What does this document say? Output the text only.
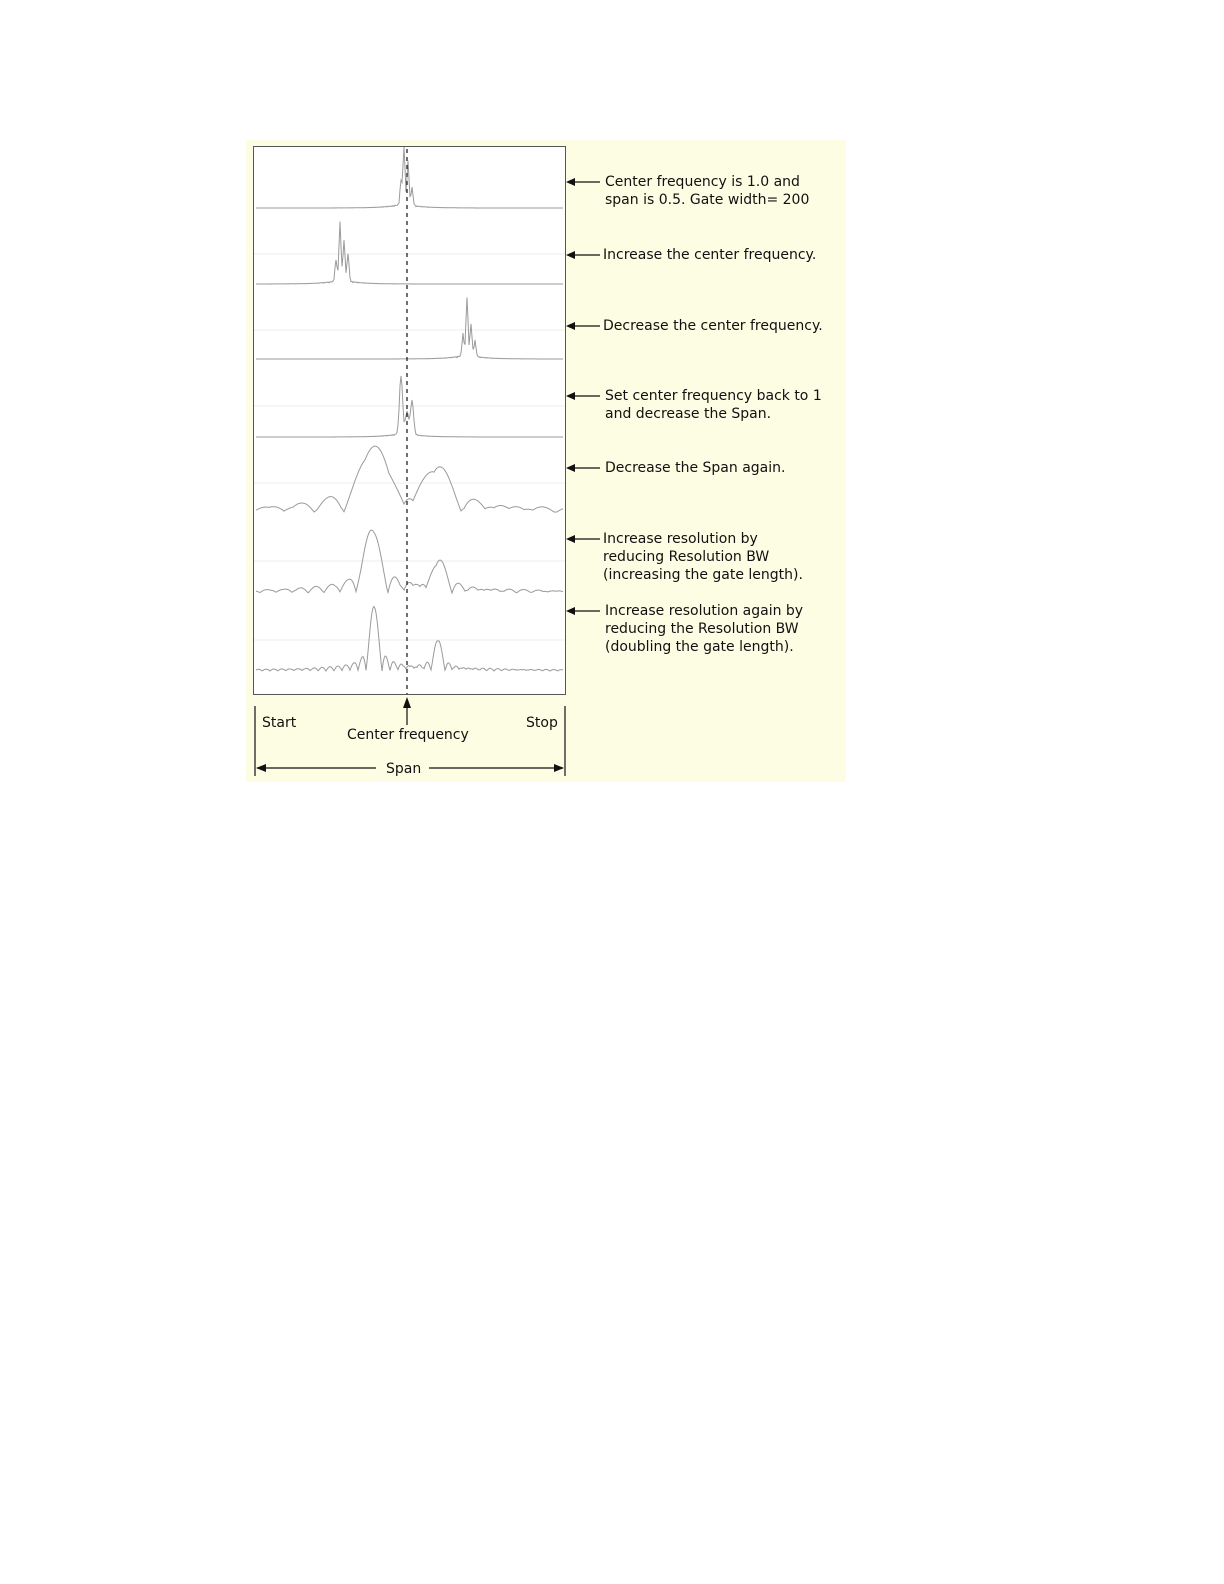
Center frequency is 1.0 and
span is 0.5. Gate width= 200
Increase the center frequency.
Decrease the center frequency.
Set center frequency back to 1
and decrease the Span.
Decrease the Span again.
Increase resolution by
reducing Resolution BW
(increasing the gate length).
Increase resolution again by
reducing the Resolution BW
(doubling the gate length).
Start	Stop
Center frequency
Span
